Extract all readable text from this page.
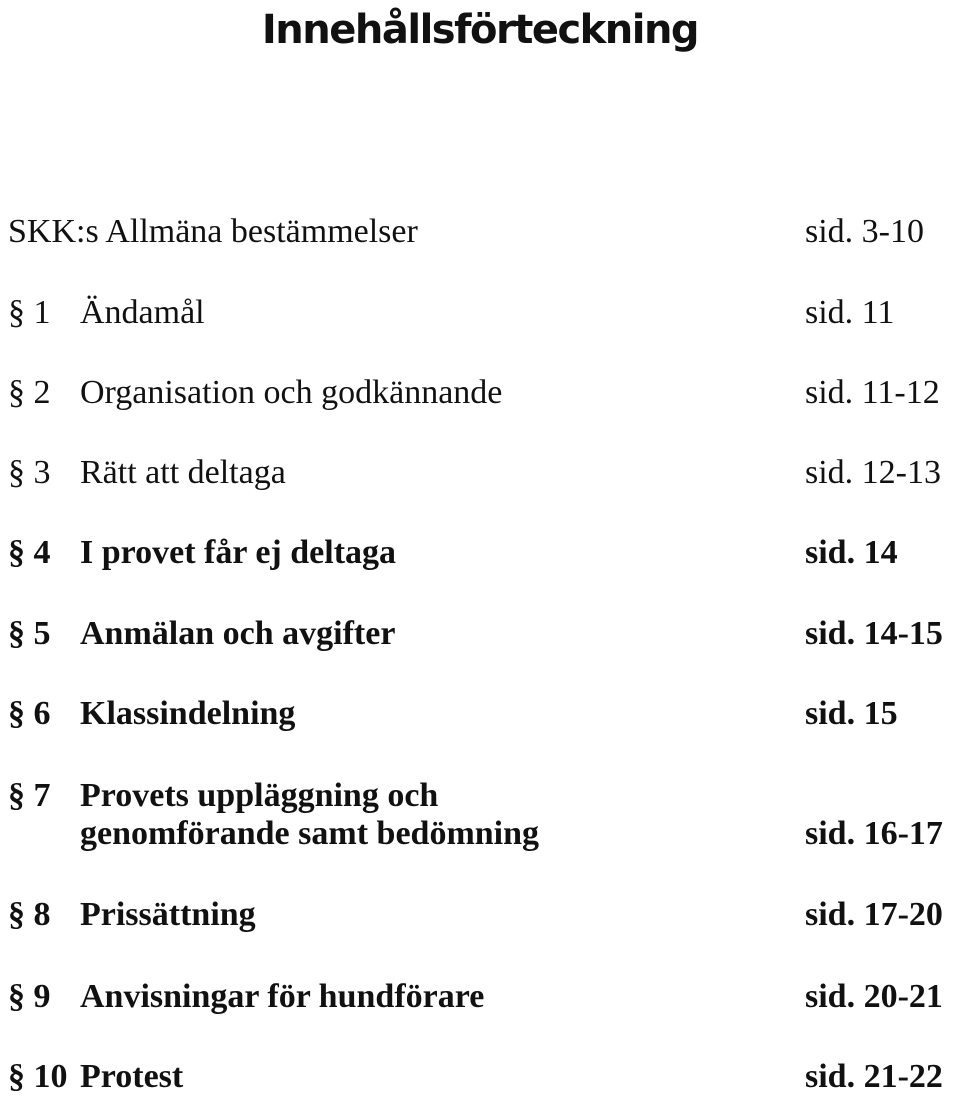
Innehållsförteckning
SKK:s Allmäna bestämmelser	sid. 3-10
§ 1 Ändamål	sid. 11
§ 2 Organisation och godkännande	sid. 11-12
§ 3 Rätt att deltaga	sid. 12-13
§ 4 I provet får ej deltaga	sid. 14
§ 5 Anmälan och avgifter	sid. 14-15
§ 6 Klassindelning	sid. 15
§ 7 Provets uppläggning och
genomförande samt bedömning	sid. 16-17
§ 8 Prissättning	sid. 17-20
§ 9 Anvisningar för hundförare	sid. 20-21
§ 10 Protest	sid. 21-22
